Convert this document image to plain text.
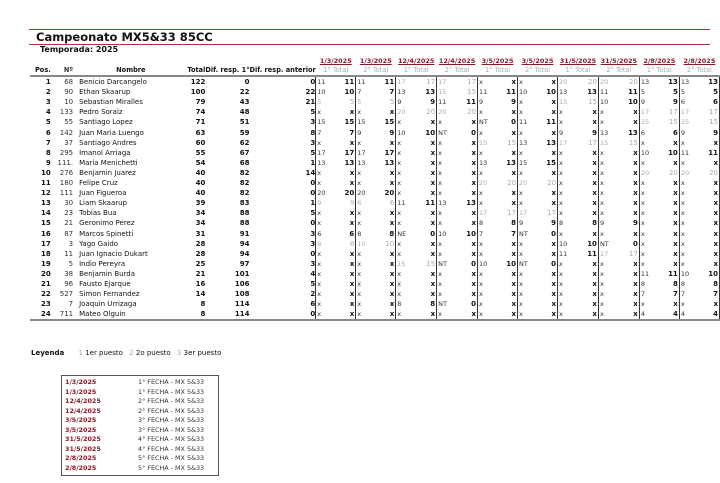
Campeonato MX5&33 85CC
Temporada: 2025
						1/3/2025		1/3/2025		12/4/2025		12/4/2025		3/5/2025		3/5/2025		31/5/2025		31/5/2025		2/8/2025		2/8/2025	
Pos.	Nº	Nombre	Total	Dif. resp. 1°	Dif. resp. anterior	1° Total		2° Total		1° Total		2° Total		1° Total		2° Total		1° Total		2° Total		1° Total		2° Total	
1	68	Benicio Darcangelo	122	0	0	11	11	11	11	17	17	17	17	x	x	x	x	20	20	20	20	13	13	13	13
2	90	Ethan Skaarup	100	22	22	10	10	7	7	13	13	15	15	11	11	10	10	13	13	11	11	5	5	5	5
3	10	Sebastian Miralles	79	43	21	5	5	5	5	9	9	11	11	9	9	x	x	15	15	10	10	9	9	6	6
4	133	Pedro Soraiz	74	48	5	x	x	x	x	20	20	20	20	x	x	x	x	x	x	x	x	17	17	17	17
5	55	Santiago Lopez	71	51	3	15	15	15	15	x	x	x	x	NT	0	11	11	x	x	x	x	15	15	15	15
6	142	Juan Maria Luengo	63	59	8	7	7	9	9	10	10	NT	0	x	x	x	x	9	9	13	13	6	6	9	9
7	37	Santiago Andres	60	62	3	x	x	x	x	x	x	x	x	15	15	13	13	17	17	15	15	x	x	x	x
8	295	Imanol Arriaga	55	67	5	17	17	17	17	x	x	x	x	x	x	x	x	x	x	x	x	10	10	11	11
9	111.	Maria Menichetti	54	68	1	13	13	13	13	x	x	x	x	13	13	15	15	x	x	x	x	x	x	x	x
10	276	Benjamin Juarez	40	82	14	x	x	x	x	x	x	x	x	x	x	x	x	x	x	x	x	20	20	20	20
11	180	Felipe Cruz	40	82	0	x	x	x	x	x	x	x	x	20	20	20	20	x	x	x	x	x	x	x	x
12	111	Juan Figueroa	40	82	0	20	20	20	20	x	x	x	x	x	x	x	x	x	x	x	x	x	x	x	x
13	30	Liam Skaarup	39	83	1	9	9	6	6	11	11	13	13	x	x	x	x	x	x	x	x	x	x	x	x
14	23	Tobias Bua	34	88	5	x	x	x	x	x	x	x	x	17	17	17	17	x	x	x	x	x	x	x	x
15	21	Geronimo Perez	34	88	0	x	x	x	x	x	x	x	x	8	8	9	9	8	8	9	9	x	x	x	x
16	87	Marcos Spinetti	31	91	3	6	6	8	8	NE	0	10	10	7	7	NT	0	x	x	x	x	x	x	x	x
17	3	Yago Gaido	28	94	3	8	8	10	10	x	x	x	x	x	x	x	x	10	10	NT	0	x	x	x	x
18	11	Juan Ignacio Dukart	28	94	0	x	x	x	x	x	x	x	x	x	x	x	x	11	11	17	17	x	x	x	x
19	5	Indio Pereyra	25	97	3	x	x	x	x	15	15	NT	0	10	10	NT	0	x	x	x	x	x	x	x	x
20	38	Benjamin Burda	21	101	4	x	x	x	x	x	x	x	x	x	x	x	x	x	x	x	x	11	11	10	10
21	96	Fausto Ejarque	16	106	5	x	x	x	x	x	x	x	x	x	x	x	x	x	x	x	x	8	8	8	8
22	527	Simon Fernandez	14	108	2	x	x	x	x	x	x	x	x	x	x	x	x	x	x	x	x	7	7	7	7
23	7	Joaquin Urrizaga	8	114	6	x	x	x	x	8	8	NT	0	x	x	x	x	x	x	x	x	x	x	x	x
24	711	Mateo Olguin	8	114	0	x	x	x	x	x	x	x	x	x	x	x	x	x	x	x	x	4	4	4	4
Leyenda 1 1er puesto 2 2o puesto 3 3er puesto
1/3/2025	1° FECHA - MX 5&33
1/3/2025	1° FECHA - MX 5&33
12/4/2025	2° FECHA - MX 5&33
12/4/2025	2° FECHA - MX 5&33
3/5/2025	3° FECHA - MX 5&33
3/5/2025	3° FECHA - MX 5&33
31/5/2025	4° FECHA - MX 5&33
31/5/2025	4° FECHA - MX 5&33
2/8/2025	5° FECHA - MX 5&33
2/8/2025	5° FECHA - MX 5&33
